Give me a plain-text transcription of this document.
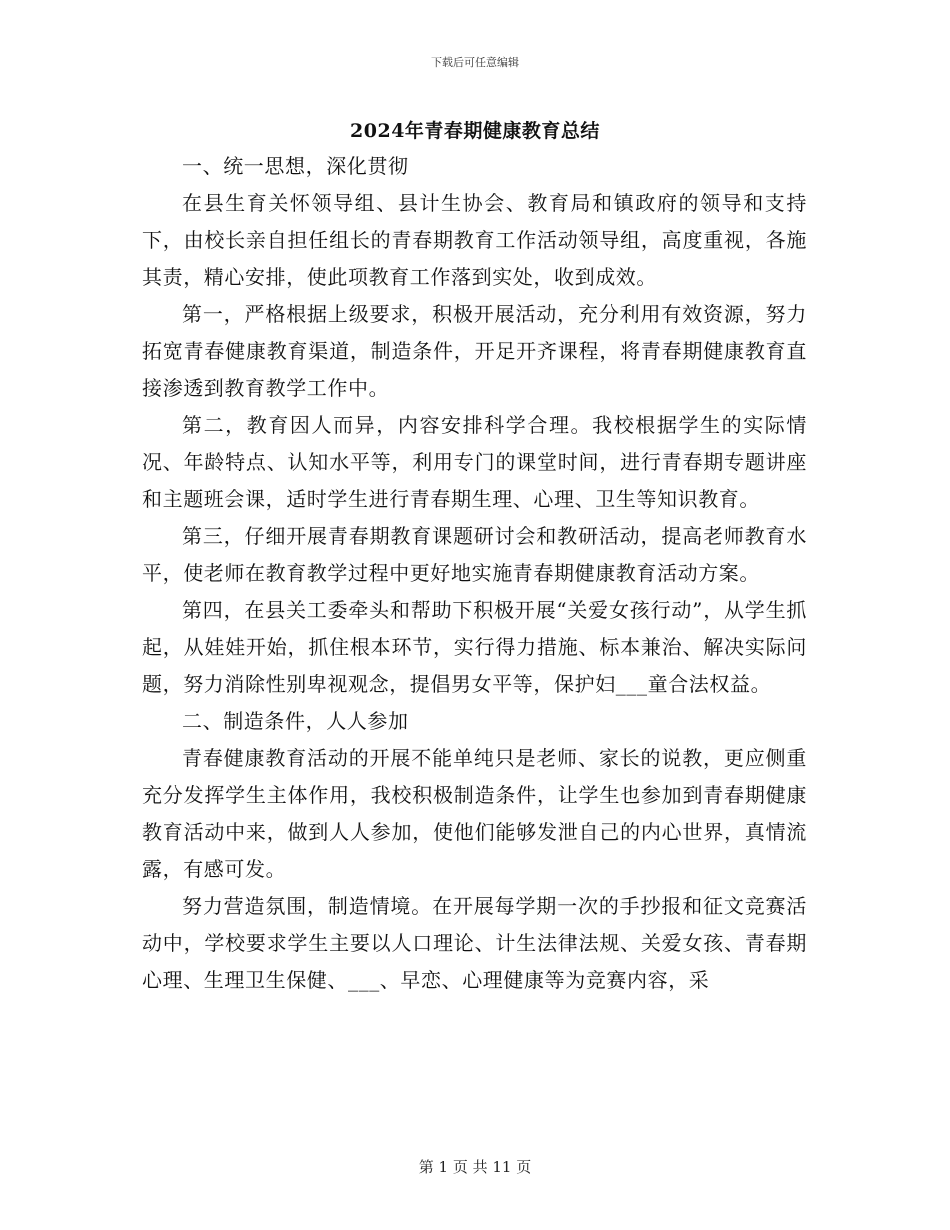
下载后可任意编辑
2024年青春期健康教育总结

一、统一思想，深化贯彻

在县生育关怀领导组、县计生协会、教育局和镇政府的领导和支持下，由校长亲自担任组长的青春期教育工作活动领导组，高度重视，各施其责，精心安排，使此项教育工作落到实处，收到成效。

第一，严格根据上级要求，积极开展活动，充分利用有效资源，努力拓宽青春健康教育渠道，制造条件，开足开齐课程，将青春期健康教育直接渗透到教育教学工作中。

第二，教育因人而异，内容安排科学合理。我校根据学生的实际情况、年龄特点、认知水平等，利用专门的课堂时间，进行青春期专题讲座和主题班会课，适时学生进行青春期生理、心理、卫生等知识教育。

第三，仔细开展青春期教育课题研讨会和教研活动，提高老师教育水平，使老师在教育教学过程中更好地实施青春期健康教育活动方案。

第四，在县关工委牵头和帮助下积极开展“关爱女孩行动”，从学生抓起，从娃娃开始，抓住根本环节，实行得力措施、标本兼治、解决实际问题，努力消除性别卑视观念，提倡男女平等，保护妇___童合法权益。

二、制造条件，人人参加

青春健康教育活动的开展不能单纯只是老师、家长的说教，更应侧重充分发挥学生主体作用，我校积极制造条件，让学生也参加到青春期健康教育活动中来，做到人人参加，使他们能够发泄自己的内心世界，真情流露，有感可发。

努力营造氛围，制造情境。在开展每学期一次的手抄报和征文竞赛活动中，学校要求学生主要以人口理论、计生法律法规、关爱女孩、青春期心理、生理卫生保健、___、早恋、心理健康等为竞赛内容，采

第 1 页 共 11 页
